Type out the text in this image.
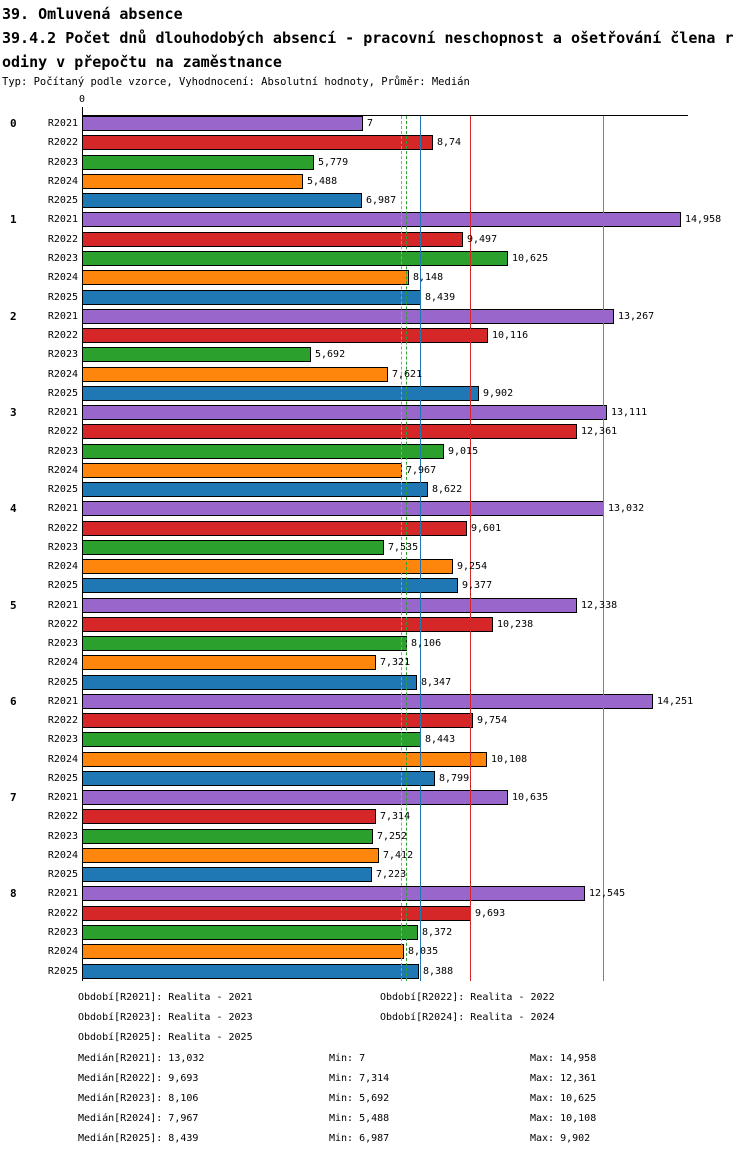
39. Omluvená absence
39.4.2 Počet dnů dlouhodobých absencí - pracovní neschopnost a ošetřování člena r
odiny v přepočtu na zaměstnance
Typ: Počítaný podle vzorce, Vyhodnocení: Absolutní hodnoty, Průměr: Medián
0
0	R2021	7
R2022	8,74
R2023	5,779
R2024	5,488
R2025	6,987
1	R2021	14,958
R2022	9,497
R2023	10,625
R2024	8,148
R2025	8,439
2	R2021	13,267
R2022	10,116
R2023	5,692
R2024	7,621
R2025	9,902
3	R2021	13,111
R2022	12,361
R2023	9,015
R2024	7,967
R2025	8,622
4	R2021	13,032
R2022	9,601
R2023	7,535
R2024	9,254
R2025	9,377
5	R2021	12,338
R2022	10,238
R2023	8,106
R2024	7,321
R2025	8,347
6	R2021	14,251
R2022	9,754
R2023	8,443
R2024	10,108
R2025	8,799
7	R2021	10,635
R2022	7,314
R2023	7,252
R2024	7,412
R2025	7,223
8	R2021	12,545
R2022	9,693
R2023	8,372
R2024	8,035
R2025	8,388
Období[R2021]: Realita - 2021	Období[R2022]: Realita - 2022
Období[R2023]: Realita - 2023	Období[R2024]: Realita - 2024
Období[R2025]: Realita - 2025
Medián[R2021]: 13,032	Min: 7	Max: 14,958
Medián[R2022]: 9,693	Min: 7,314	Max: 12,361
Medián[R2023]: 8,106	Min: 5,692	Max: 10,625
Medián[R2024]: 7,967	Min: 5,488	Max: 10,108
Medián[R2025]: 8,439	Min: 6,987	Max: 9,902
